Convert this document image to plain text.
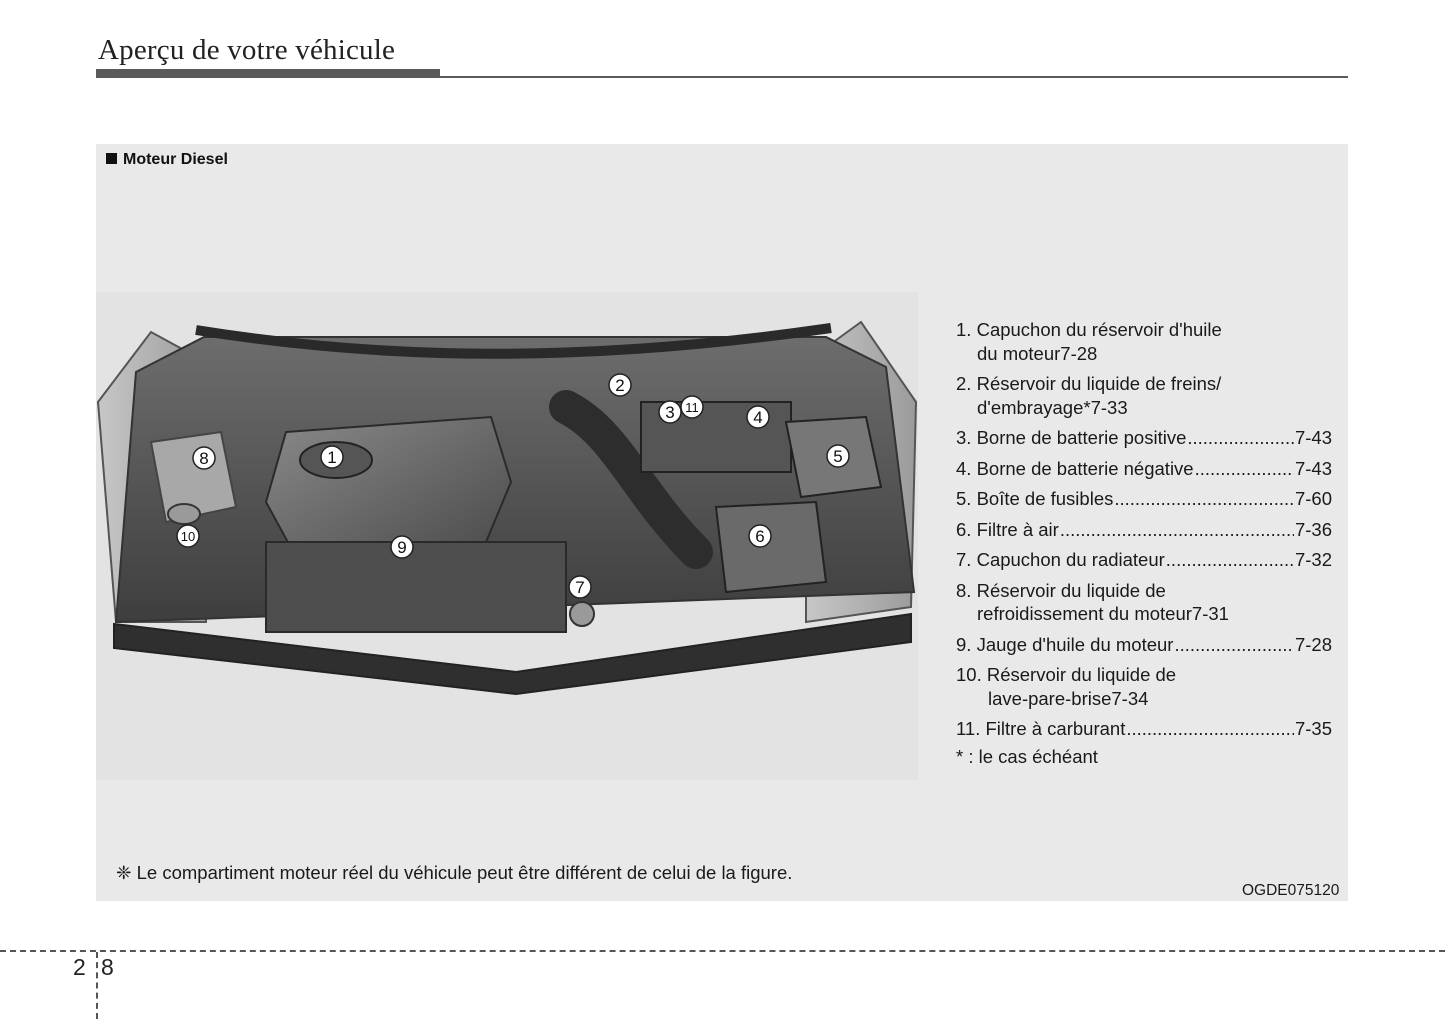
Aperçu de votre véhicule
Moteur Diesel
1
2
3	4
5
6
7
8
9
10
11
1. Capuchon du réservoir d'huile
du moteur 7-28
2. Réservoir du liquide de freins/
d'embrayage* 7-33
3.
Borne de batterie positive .....	7-43
4.
Borne de batterie négative .....	7-43
5.
Boîte de fusibles .....	7-60
6.
Filtre à air .....	7-36
7.
Capuchon du radiateur .....	7-32
8. Réservoir du liquide de
refroidissement du moteur 7-31
9.
Jauge d'huile du moteur .....	7-28
10. Réservoir du liquide de
lave-pare-brise 7-34
11.
Filtre à carburant .....	7-35
* : le cas échéant
❈ Le compartiment moteur réel du véhicule peut être différent de celui de la figure.
OGDE075120
2 8
